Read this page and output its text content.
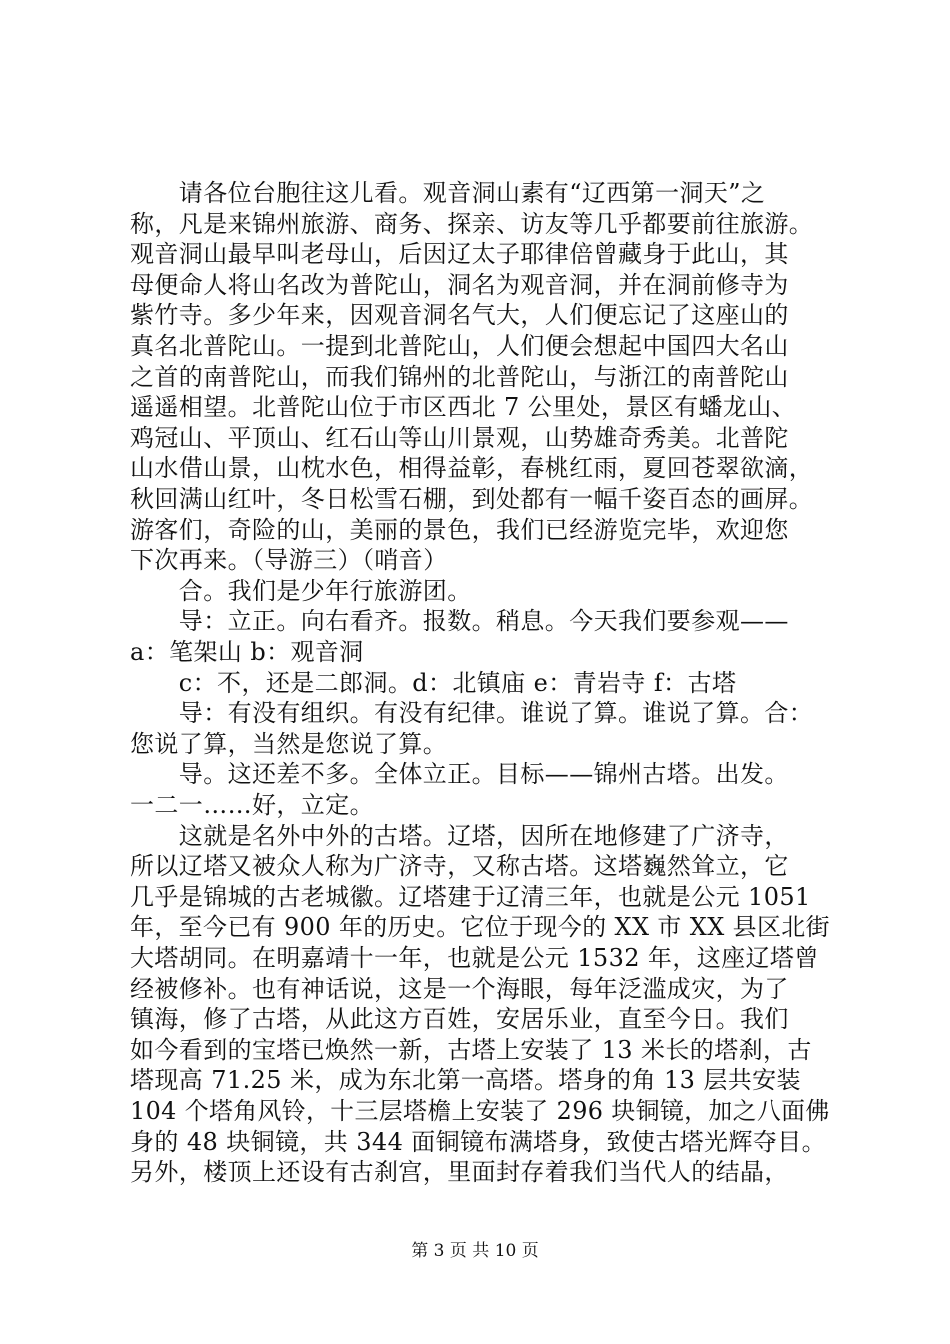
　　请各位台胞往这儿看。观音洞山素有“辽西第一洞天”之
称，凡是来锦州旅游、商务、探亲、访友等几乎都要前往旅游。
观音洞山最早叫老母山，后因辽太子耶律倍曾藏身于此山，其
母便命人将山名改为普陀山，洞名为观音洞，并在洞前修寺为
紫竹寺。多少年来，因观音洞名气大，人们便忘记了这座山的
真名北普陀山。一提到北普陀山，人们便会想起中国四大名山
之首的南普陀山，而我们锦州的北普陀山，与浙江的南普陀山
遥遥相望。北普陀山位于市区西北 7 公里处，景区有蟠龙山、
鸡冠山、平顶山、红石山等山川景观，山势雄奇秀美。北普陀
山水借山景，山枕水色，相得益彰，春桃红雨，夏回苍翠欲滴，
秋回满山红叶，冬日松雪石棚，到处都有一幅千姿百态的画屏。
游客们，奇险的山，美丽的景色，我们已经游览完毕，欢迎您
下次再来。（导游三）（哨音）
　　合。我们是少年行旅游团。
　　导：立正。向右看齐。报数。稍息。今天我们要参观——
a：笔架山 b：观音洞
　　c：不，还是二郎洞。d：北镇庙 e：青岩寺 f：古塔
　　导：有没有组织。有没有纪律。谁说了算。谁说了算。合：
您说了算，当然是您说了算。
　　导。这还差不多。全体立正。目标——锦州古塔。出发。
一二一……好，立定。
　　这就是名外中外的古塔。辽塔，因所在地修建了广济寺，
所以辽塔又被众人称为广济寺，又称古塔。这塔巍然耸立，它
几乎是锦城的古老城徽。辽塔建于辽清三年，也就是公元 1051
年，至今已有 900 年的历史。它位于现今的 XX 市 XX 县区北街
大塔胡同。在明嘉靖十一年，也就是公元 1532 年，这座辽塔曾
经被修补。也有神话说，这是一个海眼，每年泛滥成灾，为了
镇海，修了古塔，从此这方百姓，安居乐业，直至今日。我们
如今看到的宝塔已焕然一新，古塔上安装了 13 米长的塔刹，古
塔现高 71.25 米，成为东北第一高塔。塔身的角 13 层共安装
104 个塔角风铃，十三层塔檐上安装了 296 块铜镜，加之八面佛
身的 48 块铜镜，共 344 面铜镜布满塔身，致使古塔光辉夺目。
另外，楼顶上还设有古刹宫，里面封存着我们当代人的结晶，
第 3 页 共 10 页
